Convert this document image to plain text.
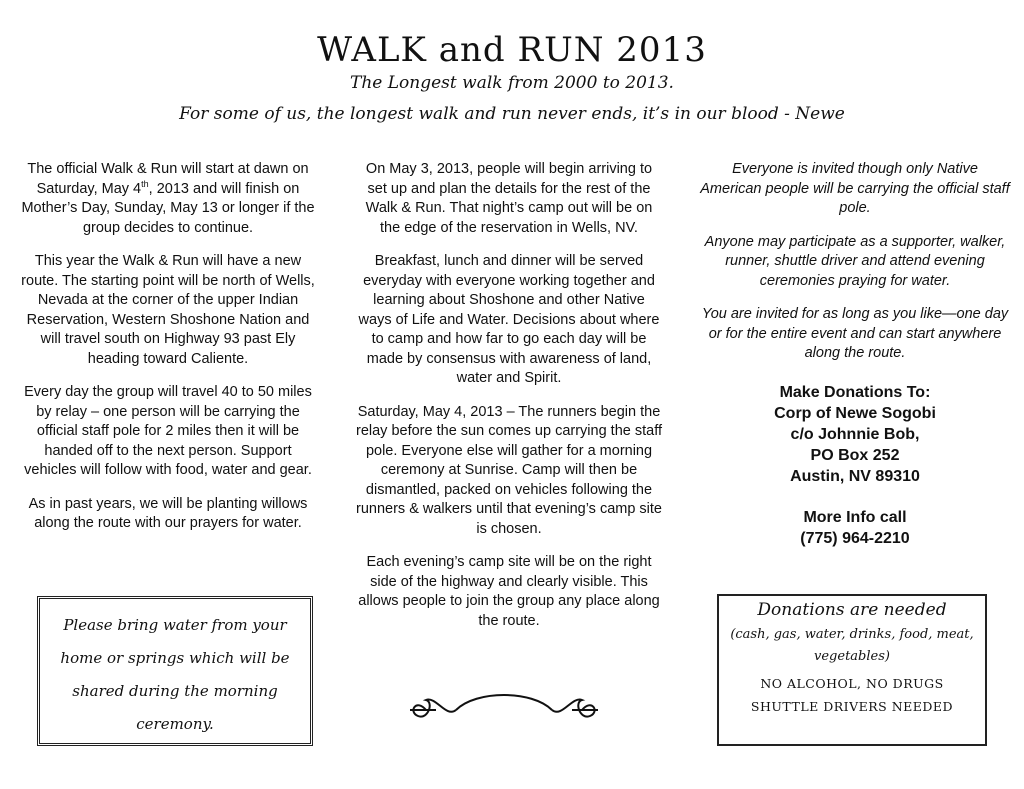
WALK and RUN 2013
The Longest walk from 2000 to 2013.
For some of us, the longest walk and run never ends, it’s in our blood - Newe

The official Walk & Run will start at dawn on Saturday, May 4th, 2013 and will finish on Mother’s Day, Sunday, May 13 or longer if the group decides to continue.

This year the Walk & Run will have a new route. The starting point will be north of Wells, Nevada at the corner of the upper Indian Reservation, Western Shoshone Nation and will travel south on Highway 93 past Ely heading toward Caliente.

Every day the group will travel 40 to 50 miles by relay – one person will be carrying the official staff pole for 2 miles then it will be handed off to the next person. Support vehicles will follow with food, water and gear.

As in past years, we will be planting willows along the route with our prayers for water.

Please bring water from your home or springs which will be shared during the morning ceremony.

On May 3, 2013, people will begin arriving to set up and plan the details for the rest of the Walk & Run. That night’s camp out will be on the edge of the reservation in Wells, NV.

Breakfast, lunch and dinner will be served everyday with everyone working together and learning about Shoshone and other Native ways of Life and Water. Decisions about where to camp and how far to go each day will be made by consensus with awareness of land, water and Spirit.

Saturday, May 4, 2013 – The runners begin the relay before the sun comes up carrying the staff pole. Everyone else will gather for a morning ceremony at Sunrise. Camp will then be dismantled, packed on vehicles following the runners & walkers until that evening’s camp site is chosen.

Each evening’s camp site will be on the right side of the highway and clearly visible. This allows people to join the group any place along the route.

Everyone is invited though only Native American people will be carrying the official staff pole.

Anyone may participate as a supporter, walker, runner, shuttle driver and attend evening ceremonies praying for water.

You are invited for as long as you like—one day or for the entire event and can start anywhere along the route.

Make Donations To:
Corp of Newe Sogobi
c/o Johnnie Bob,
PO Box 252
Austin, NV 89310
More Info call
(775) 964-2210
Donations are needed
(cash, gas, water, drinks, food, meat, vegetables)
NO ALCOHOL, NO DRUGS
SHUTTLE DRIVERS NEEDED
